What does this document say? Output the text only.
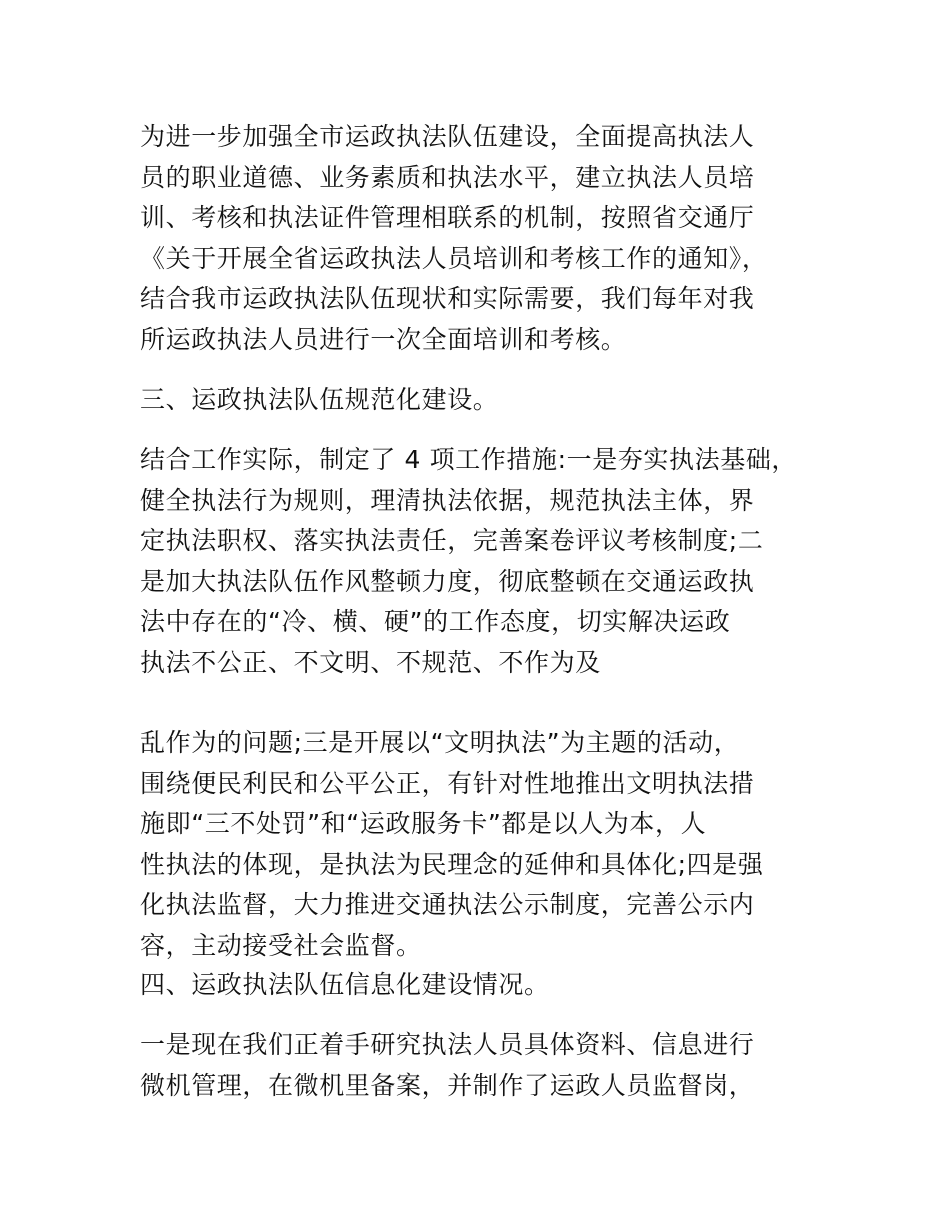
为进一步加强全市运政执法队伍建设，全面提高执法人
员的职业道德、业务素质和执法水平，建立执法人员培
训、考核和执法证件管理相联系的机制，按照省交通厅
《关于开展全省运政执法人员培训和考核工作的通知》，
结合我市运政执法队伍现状和实际需要，我们每年对我
所运政执法人员进行一次全面培训和考核。
三、运政执法队伍规范化建设。
结合工作实际，制定了 4 项工作措施:一是夯实执法基础，
健全执法行为规则，理清执法依据，规范执法主体，界
定执法职权、落实执法责任，完善案卷评议考核制度;二
是加大执法队伍作风整顿力度，彻底整顿在交通运政执
法中存在的“冷、横、硬”的工作态度，切实解决运政
执法不公正、不文明、不规范、不作为及
乱作为的问题;三是开展以“文明执法”为主题的活动，
围绕便民利民和公平公正，有针对性地推出文明执法措
施即“三不处罚”和“运政服务卡”都是以人为本，人
性执法的体现，是执法为民理念的延伸和具体化;四是强
化执法监督，大力推进交通执法公示制度，完善公示内
容，主动接受社会监督。
四、运政执法队伍信息化建设情况。
一是现在我们正着手研究执法人员具体资料、信息进行
微机管理，在微机里备案，并制作了运政人员监督岗，
